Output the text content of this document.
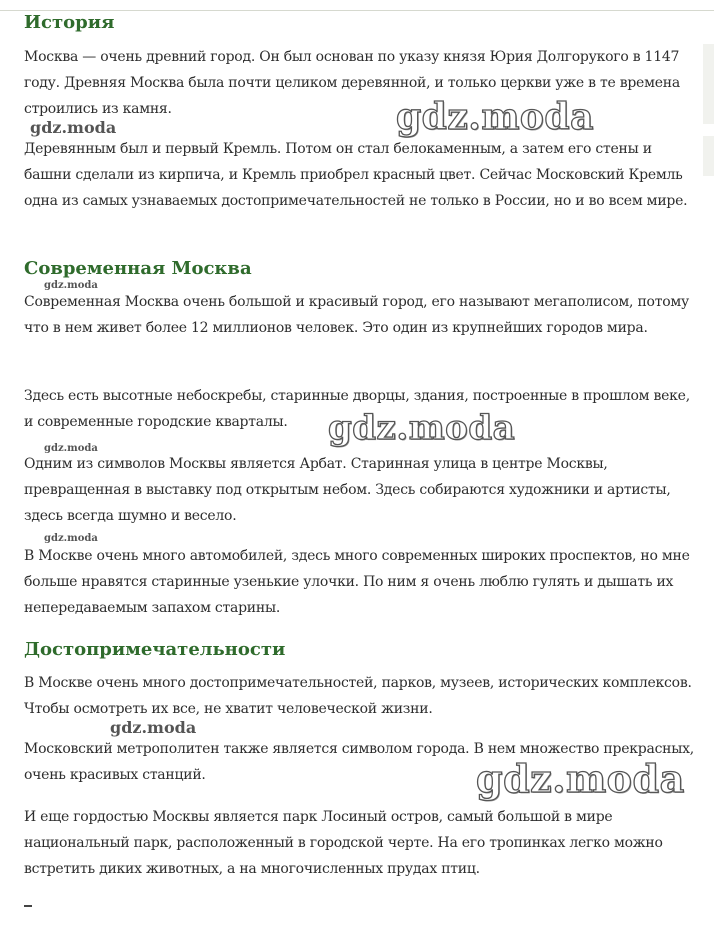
История

Москва — очень древний город. Он был основан по указу князя Юрия Долгорукого в 1147 году. Древняя Москва была почти целиком деревянной, и только церкви уже в те времена строились из камня.

Деревянным был и первый Кремль. Потом он стал белокаменным, а затем его стены и башни сделали из кирпича, и Кремль приобрел красный цвет. Сейчас Московский Кремль одна из самых узнаваемых достопримечательностей не только в России, но и во всем мире.

Современная Москва

Современная Москва очень большой и красивый город, его называют мегаполисом, потому что в нем живет более 12 миллионов человек. Это один из крупнейших городов мира.

Здесь есть высотные небоскребы, старинные дворцы, здания, построенные в прошлом веке, и современные городские кварталы.

Одним из символов Москвы является Арбат. Старинная улица в центре Москвы, превращенная в выставку под открытым небом. Здесь собираются художники и артисты, здесь всегда шумно и весело.

В Москве очень много автомобилей, здесь много современных широких проспектов, но мне больше нравятся старинные узенькие улочки. По ним я очень люблю гулять и дышать их непередаваемым запахом старины.

Достопримечательности

В Москве очень много достопримечательностей, парков, музеев, исторических комплексов. Чтобы осмотреть их все, не хватит человеческой жизни.

Московский метрополитен также является символом города. В нем множество прекрасных, очень красивых станций.

И еще гордостью Москвы является парк Лосиный остров, самый большой в мире национальный парк, расположенный в городской черте. На его тропинках легко можно встретить диких животных, а на многочисленных прудах птиц.

gdz.moda
gdz.moda
gdz.moda
gdz.moda
gdz.moda
gdz.moda
gdz.moda
gdz.moda
